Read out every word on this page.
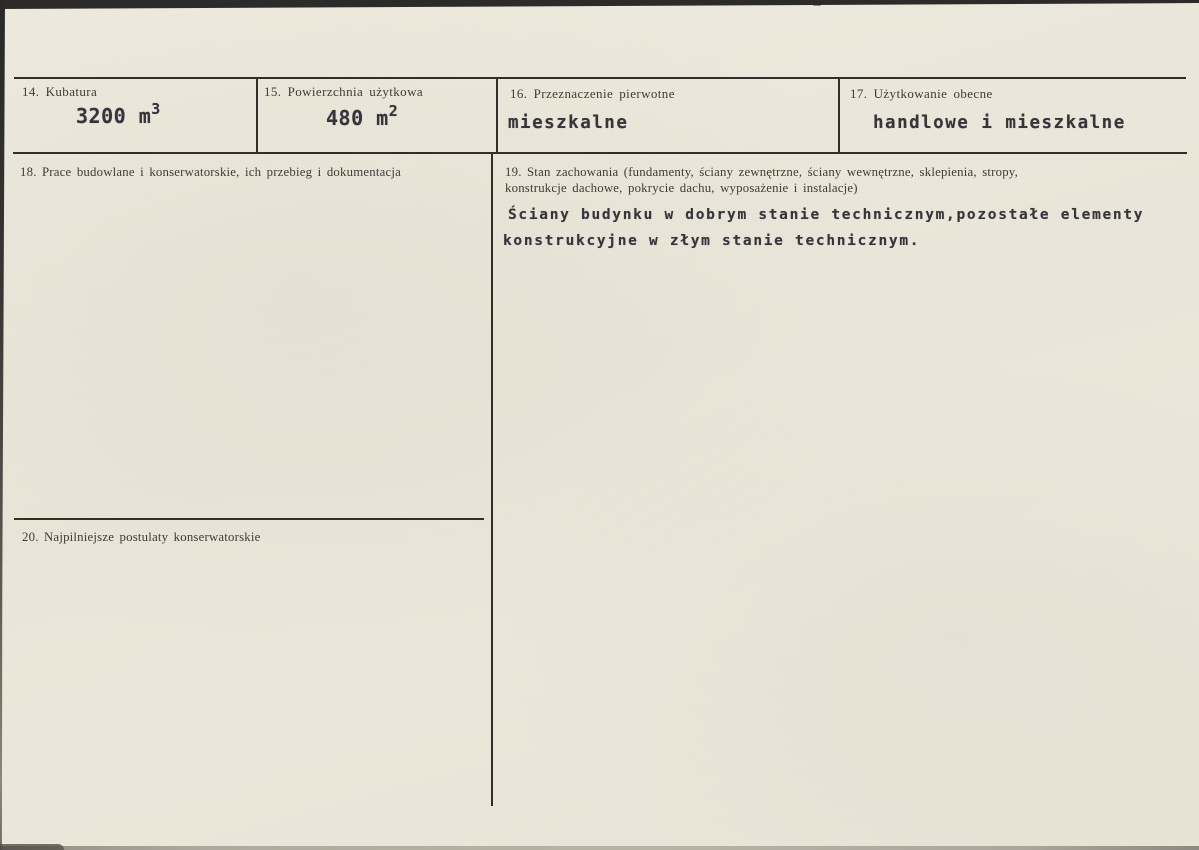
14. Kubatura
3200 $m^3$
15. Powierzchnia użytkowa
480 $m^2$
16. Przeznaczenie pierwotne
mieszkalne
17. Użytkowanie obecne
handlowe i mieszkalne
18. Prace budowlane i konserwatorskie, ich przebieg i dokumentacja	19. Stan zachowania (fundamenty, ściany zewnętrzne, ściany wewnętrzne, sklepienia, stropy,
konstrukcje dachowe, pokrycie dachu, wyposażenie i instalacje)
Ściany budynku w dobrym stanie technicznym,pozostałe elementy
konstrukcyjne w złym stanie technicznym.
20. Najpilniejsze postulaty konserwatorskie
